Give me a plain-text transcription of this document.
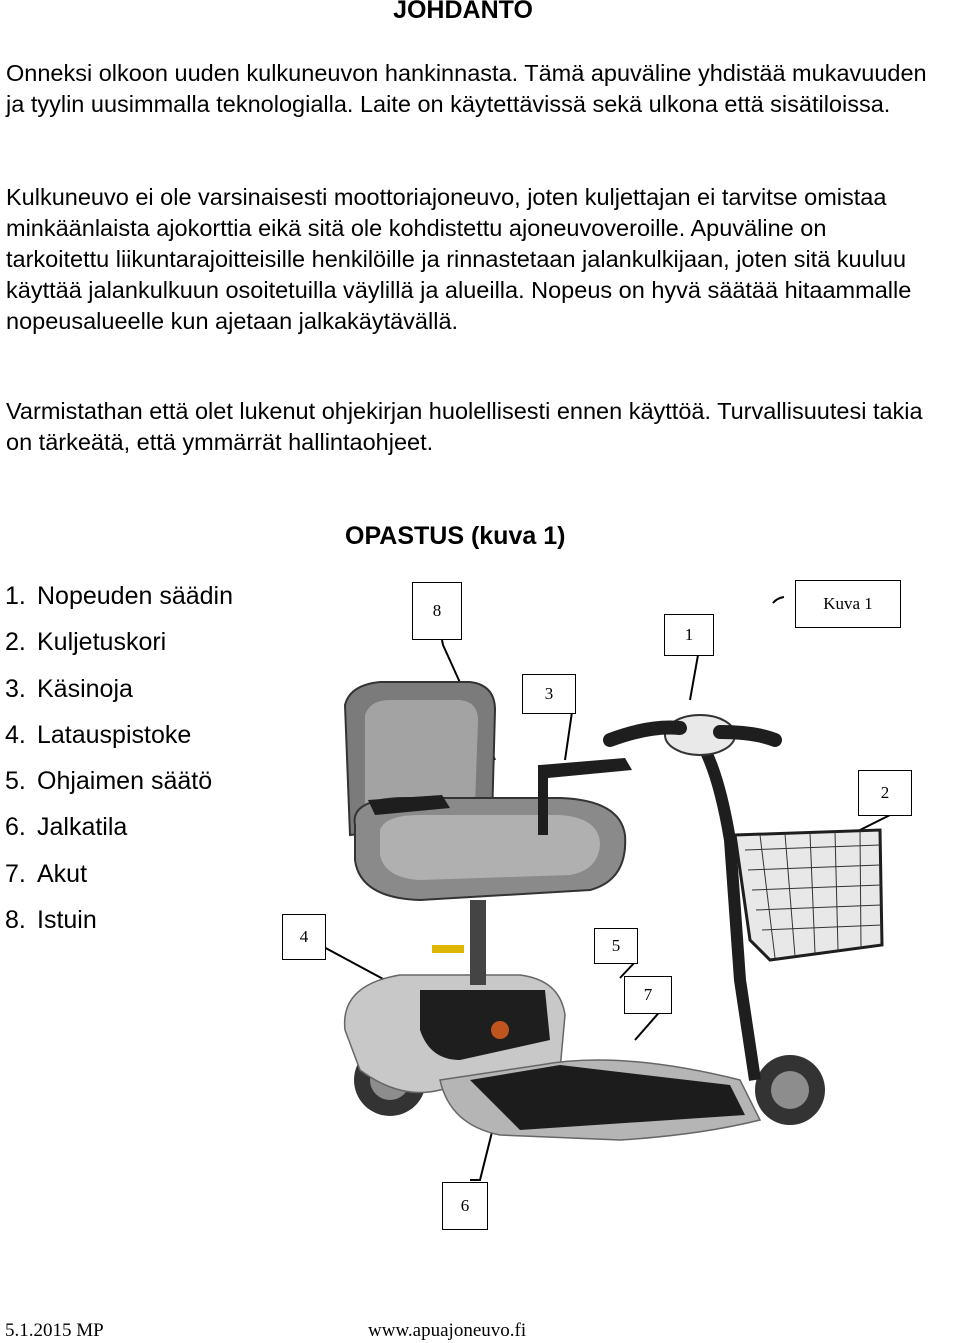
JOHDANTO

Onneksi olkoon uuden kulkuneuvon hankinnasta. Tämä apuväline yhdistää mukavuuden ja tyylin uusimmalla teknologialla. Laite on käytettävissä sekä ulkona että sisätiloissa.

Kulkuneuvo ei ole varsinaisesti moottoriajoneuvo, joten kuljettajan ei tarvitse omistaa minkäänlaista ajokorttia eikä sitä ole kohdistettu ajoneuvoveroille. Apuväline on tarkoitettu liikuntarajoitteisille henkilöille ja rinnastetaan jalankulkijaan, joten sitä kuuluu käyttää jalankulkuun osoitetuilla väylillä ja alueilla. Nopeus on hyvä säätää hitaammalle nopeusalueelle kun ajetaan jalkakäytävällä.

Varmistathan että olet lukenut ohjekirjan huolellisesti ennen käyttöä. Turvallisuutesi takia on tärkeätä, että ymmärrät hallintaohjeet.

OPASTUS (kuva 1)
1. Nopeuden säädin
2. Kuljetuskori
3. Käsinoja
4. Latauspistoke
5. Ohjaimen säätö
6. Jalkatila
7. Akut
8. Istuin
8
1
Kuva 1
3
2
4	5
7
6
5.1.2015 MP	www.apuajoneuvo.fi
